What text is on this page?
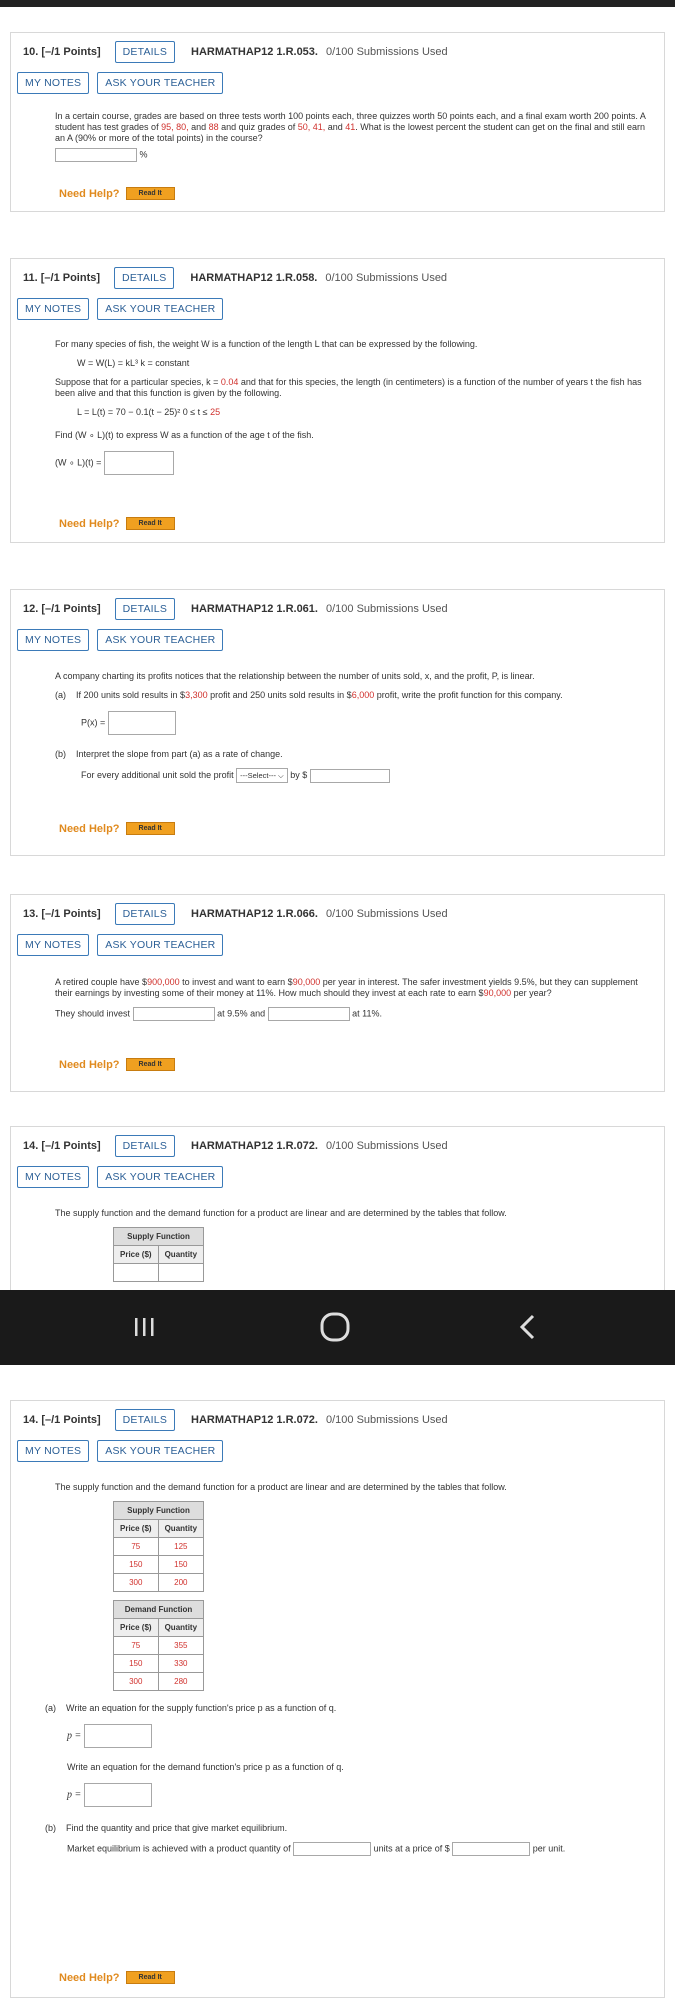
10. [–/1 Points]	DETAILS	HARMATHAP12 1.R.053. 0/100 Submissions Used
MY NOTES	ASK YOUR TEACHER
In a certain course, grades are based on three tests worth 100 points each, three quizzes worth 50 points each, and a final exam worth 200 points. A student has test grades of 95, 80, and 88 and quiz grades of 50, 41, and 41. What is the lowest percent the student can get on the final and still earn an A (90% or more of the total points) in the course?
%
Need Help?	Read It
11. [–/1 Points]	DETAILS	HARMATHAP12 1.R.058. 0/100 Submissions Used
MY NOTES	ASK YOUR TEACHER
For many species of fish, the weight W is a function of the length L that can be expressed by the following.
W = W(L) = kL³ k = constant
Suppose that for a particular species, k = 0.04 and that for this species, the length (in centimeters) is a function of the number of years t the fish has been alive and that this function is given by the following.
L = L(t) = 70 − 0.1(t − 25)² 0 ≤ t ≤ 25
Find (W ∘ L)(t) to express W as a function of the age t of the fish.
(W ∘ L)(t) =
Need Help?	Read It
12. [–/1 Points]	DETAILS	HARMATHAP12 1.R.061. 0/100 Submissions Used
MY NOTES	ASK YOUR TEACHER
A company charting its profits notices that the relationship between the number of units sold, x, and the profit, P, is linear.
(a) If 200 units sold results in $3,300 profit and 250 units sold results in $6,000 profit, write the profit function for this company.
P(x) =
(b) Interpret the slope from part (a) as a rate of change.
For every additional unit sold the profit ---Select--- ⌵ by $
Need Help?	Read It
13. [–/1 Points]	DETAILS	HARMATHAP12 1.R.066. 0/100 Submissions Used
MY NOTES	ASK YOUR TEACHER
A retired couple have $900,000 to invest and want to earn $90,000 per year in interest. The safer investment yields 9.5%, but they can supplement their earnings by investing some of their money at 11%. How much should they invest at each rate to earn $90,000 per year?
They should invest	at 9.5% and	at 11%.
Need Help?	Read It
14. [–/1 Points]	DETAILS	HARMATHAP12 1.R.072. 0/100 Submissions Used
MY NOTES	ASK YOUR TEACHER
The supply function and the demand function for a product are linear and are determined by the tables that follow.
Supply Function	
Price ($)	Quantity

14. [–/1 Points]	DETAILS	HARMATHAP12 1.R.072. 0/100 Submissions Used
MY NOTES	ASK YOUR TEACHER
The supply function and the demand function for a product are linear and are determined by the tables that follow.
Supply Function	
Price ($)	Quantity
75	125
150	150
300	200
Demand Function	
Price ($)	Quantity
75	355
150	330
300	280
(a) Write an equation for the supply function's price p as a function of q.
p =
Write an equation for the demand function's price p as a function of q.
p =
(b) Find the quantity and price that give market equilibrium.
Market equilibrium is achieved with a product quantity of	units at a price of $	per unit.
Need Help?	Read It
